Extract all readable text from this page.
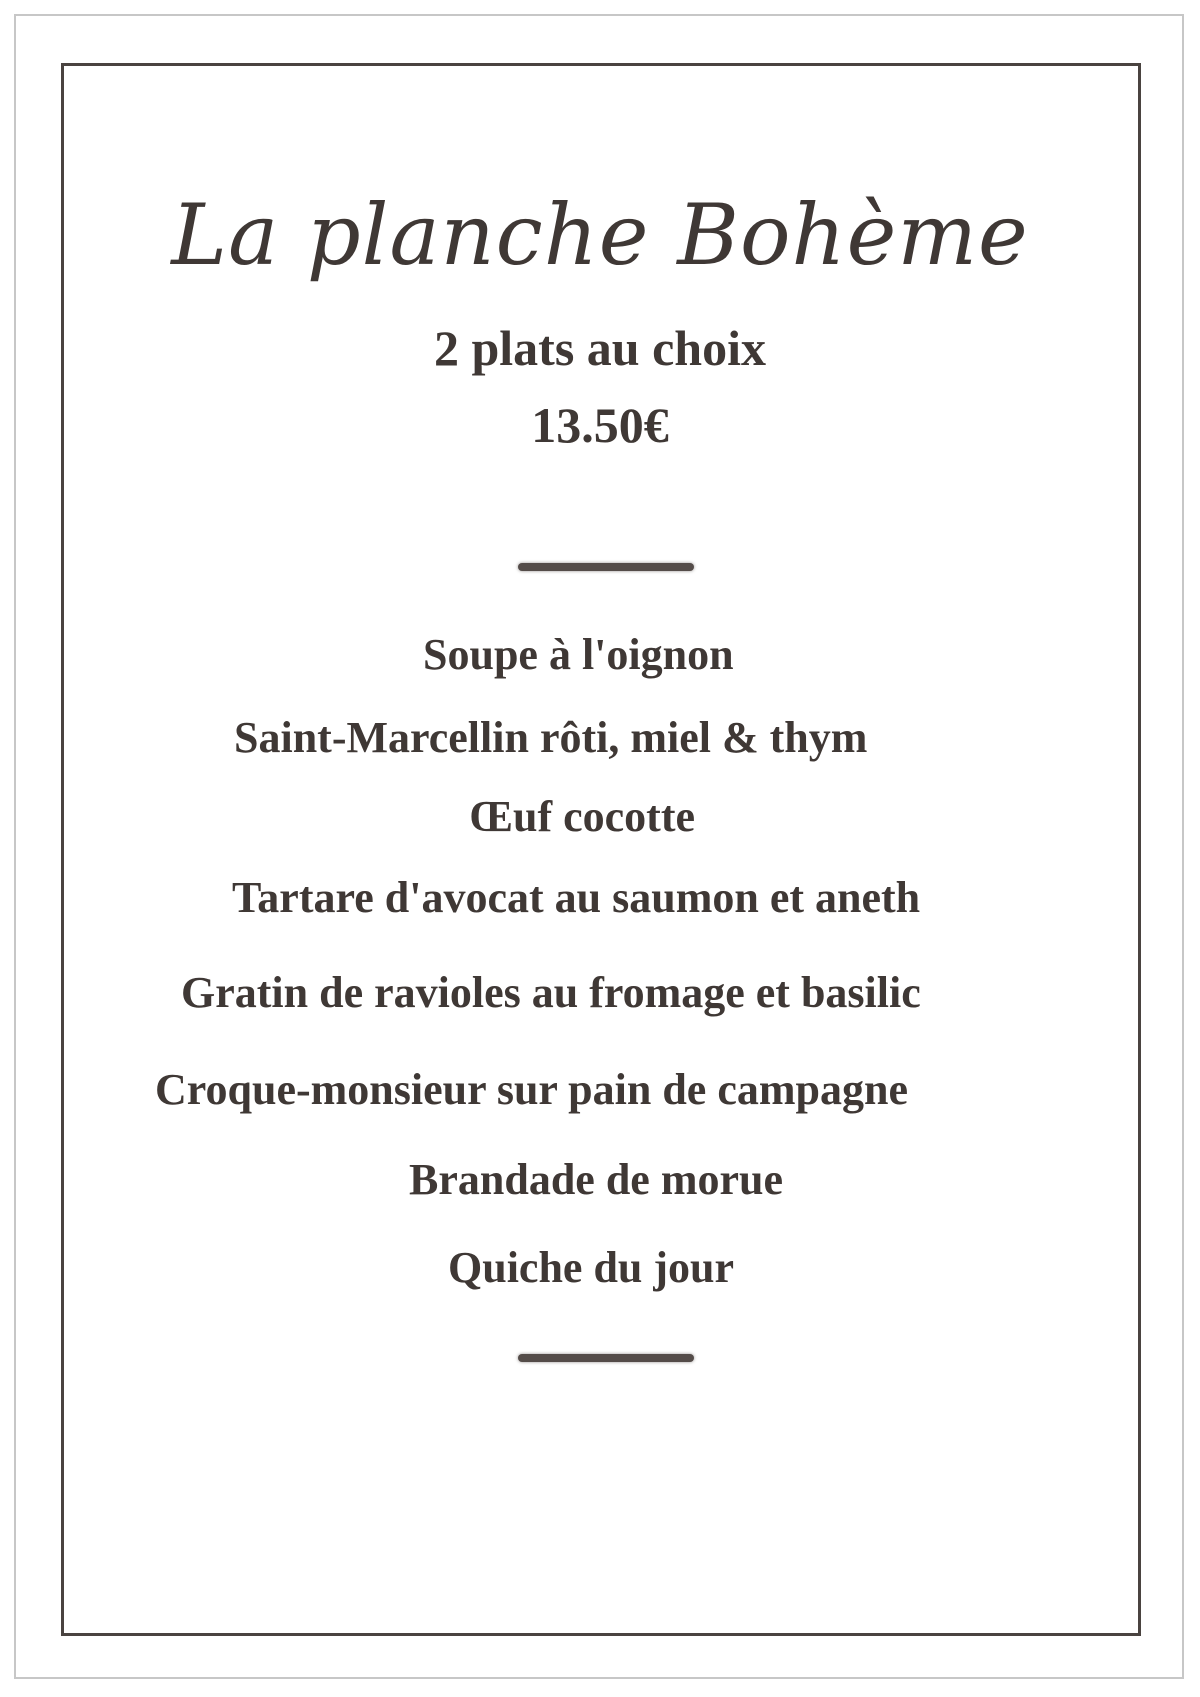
La planche Bohème
2 plats au choix
13.50€
Soupe à l'oignon
Saint-Marcellin rôti, miel & thym
Œuf cocotte
Tartare d'avocat au saumon et aneth
Gratin de ravioles au fromage et basilic
Croque-monsieur sur pain de campagne
Brandade de morue
Quiche du jour
